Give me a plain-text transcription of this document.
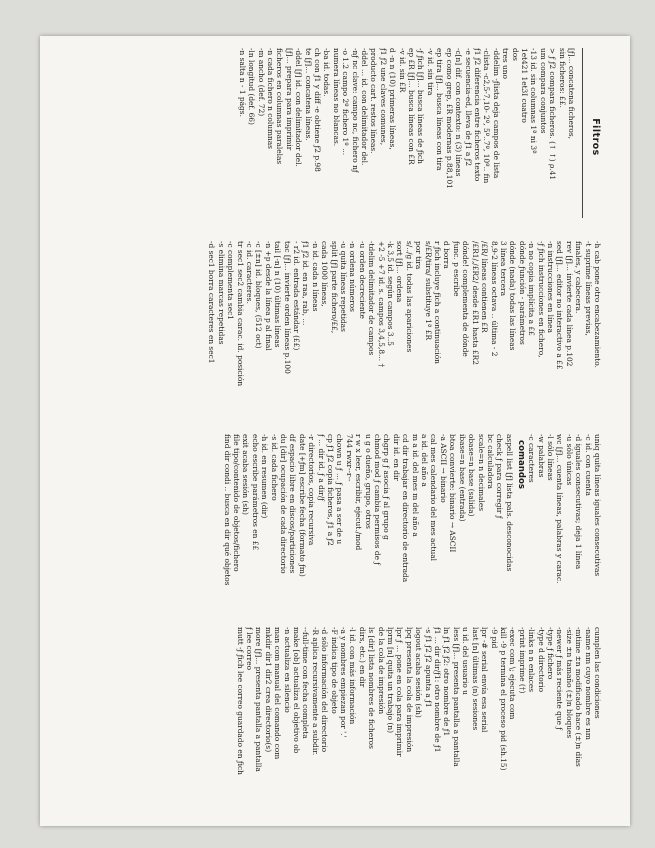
Filtros
[ƒ]... concatena ficheros,
sin ficheros: ££.
> ƒ ƒ2 compara ficheros. (↑ ↑) ρ.41
um compara conjuntos
-13 id. sin columnas 1ª ni 3ª
1et421 1et3I cuatro
dos
tres uno
-ddelim -ƒlista deja campos de lista
-clista -c2,5-7,10- 2º, 5º..7º, 10º.. fin
ƒ1 ƒ2 diferencia entre ficheros texto
-e secuencia-ed, lleva de ƒ1 a ƒ2
-c[n] dif. con contexto: n (3) líneas
ep como grep, £R modernas p.88,101
ep tira [ƒ]... busca líneas con tira
-v id. sin tira
-ƒ ƒich [ƒ]... busca líneas de ƒich
ep £R [ƒ]... busca líneas con £R
-v id. sin £R
d -n n (10) primeras líneas,
ƒ1 ƒ2 une claves comunes,
producto cart. restos líneas.
-ddel ... id. con delimitador del.
-nƒ nc clave: campo nc, fichero nƒ
-o 1.2 campo 2º fichero 1º ...
numera líneas no blancas.
-ba id. todas.
ch con ƒ1 y diff -e obtiene ƒ2 p.98
te [ƒ]... concatena líneas.
-ddel [ƒ] id. con delimitador del.
[ƒ]... prepara para imprimir
ficheros en columnas paralelas
-n cada fichero n columnas
-m ancho (def. 72)
-ln longitud (def. 66)
-n salta n - 1 págs.
-h cab pone otro encabezamiento.
-t suprime líneas previas,
finales, y cabecera.
rev [ƒ]... invierte cada línea p.102
sed [ƒ]... editor no interactivo a ££
-n instrucciones en línea
-ƒ ƒich instrucciones en fichero,
-n no copia implícita a ££
dónde ƒunción - parámetros
dónde (nada) todas las líneas
3 línea tercera
8,9-2 líneas octava .. última - 2
/£R/ líneas contienen £R
/£R1/,/£R2/ desde £R1 hasta £R2
dónde! complementa de dónde
ƒunc. p escribe
d borra
r ƒich incluye ƒich a continuación
s/£R/tira/ substituye 1ª £R
por tira
s/../g id. todas las apariciones
sort [ƒ]... ordena
-k 3,5 id. según campos 3..5
+2 -5 +7 id. s. campos 3,4,5,8... †
-tdelim delimitador de campos
-u orden decreciente
-n ordena números
-u quita líneas repetidas
split [ƒ] parte fichero/££,
cada 1000 líneas,
-n id. cada n líneas
ƒ1 ƒ2 id. en raa, rab, ...
- r2 id. entrada estándar (££)
tac [ƒ]... invierte orden líneas p.100
tail [-n] n (10) últimas líneas
-n +p desde la línea p al final
-c [±n] id. bloques, (512 oct)
-c id. caracteres.
tr sec1 sec2 cambia carac. id. posición
-c complementa sec1
-s elimina marcas repetidas
-d sec1 borra caracteres en sec1
uniq quita líneas iguales consecutivas
-c id. con cuenta
-d iguales consecutivas; deja 1 línea
-u sólo únicas
wc [ƒ]... cuenta líneas, palabras y carac.
-l sólo líneas
-w palabras
-c caracteres
comandos
aspell list [ƒ] lista pals. desconocidas
check ƒ para corregir ƒ
bc calculadora
scale=n n decimales
obase=n base (salida)
ibase=n base (entrada)
btoa convierte: binario → ASCII
-a ASCII → binario
cal mes calendario del mes actual
a id. del año a
m a id. del mes m del año a
cd dir trabajar en directorio de entrada
dir id. en dir
chgrp g ƒ asocia ƒ al grupo g
chmod mod ƒ cambia permisos de ƒ
u g o dueño, grupo, otros
r w x leer, escribir, ejecut./mod
744 rwxr--r--
chown u ƒ ... ƒ pasa a ser de u
cp ƒ1 ƒ2 copia ficheros, ƒ1 a ƒ2
ƒ ... dir id. ƒ a dir/ƒ
-r directorios, copia recursiva
date [+ƒm] escribe fecha (formato ƒm)
df espacio libre en discos/particiones
du [dir] ocupación de cada directorio
-s id. cada fichero
-h id. en resumen (dir)
echo escribe parámetros en ££
exit acaba sesión (sh)
file tipo/contenido de objetos/fichero
find dir condi .. busca en dir qué objetos
cumplen las condiciones
-name nm cuyo nombre es nm
-mtime ±n modificado hace (±)n días
-size ±n tamaño (±)n bloques
-newer ƒ más reciente que ƒ
-type ƒ fichero
-type d directorio
-links n n enlaces
-print imprime (†)
-exec com \; ejecuta com
kill -9 p termina el proceso pid (sh.15)
-9 pid
lpr -# serial envía esa serial
last [n] últimas (n) sesiones
u id. del usuario u
less [ƒ]... presenta pantalla a pantalla
ln ƒ1 ƒ2 ƒ2: otro nombre de ƒ1
ƒ1 ... dir dir/ƒ1: otro nombre de ƒ1
-s ƒ1 ƒ2 ƒ2 apunta a ƒ1
logout acaba sesión (sh)
lpq presenta la cola de impresión
lpr ƒ ... pone en cola para imprimir
lprm [n] quita un trabajo (n)
de la cola de impresión
ls [dir] lista nombres de ficheros
dirs, etc.) en dir
-l id. con más información
-a y nombres empiezan por '.'
-F indica tipo de objeto
-d sólo información del directorio
-R aplica recursivamente a subdir.
--full-time con fecha completa
make [ob] actualiza el objetivo ob
-n actualiza en silencio
man com manual del comando com
mkdir dir1 dir2 crea directorio(s)
more [ƒ]... presenta pantalla a pantalla
ƒ lee correo
mutt -ƒ ƒich lee correo guardado en ƒich
